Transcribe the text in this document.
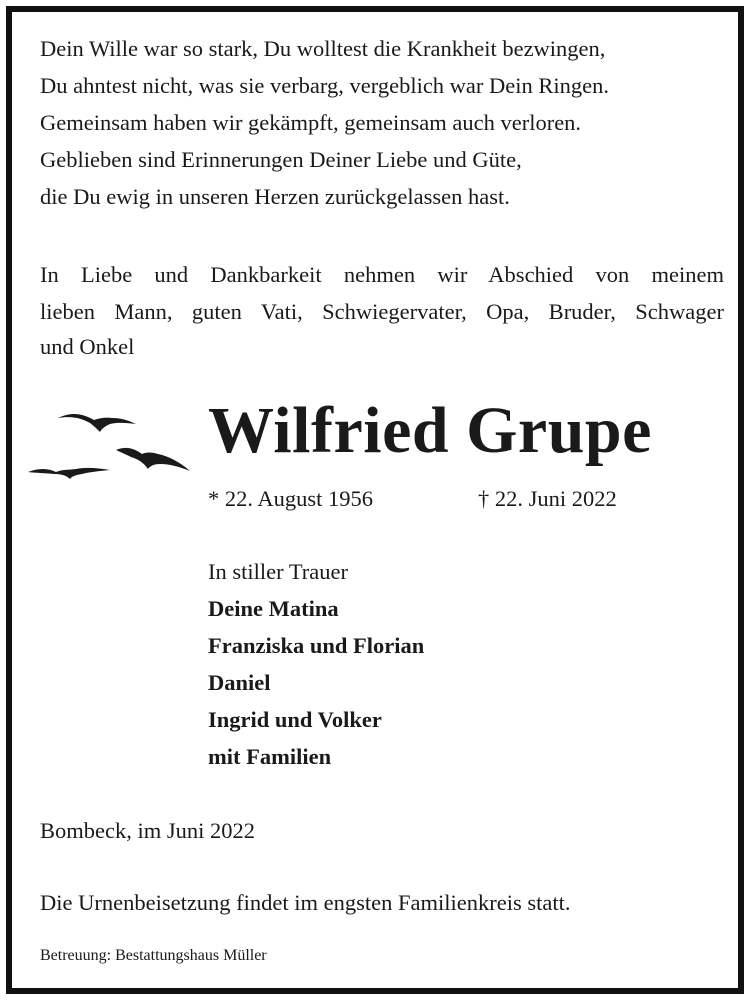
Dein Wille war so stark, Du wolltest die Krankheit bezwingen,
Du ahntest nicht, was sie verbarg, vergeblich war Dein Ringen.
Gemeinsam haben wir gekämpft, gemeinsam auch verloren.
Geblieben sind Erinnerungen Deiner Liebe und Güte,
die Du ewig in unseren Herzen zurückgelassen hast.
In Liebe und Dankbarkeit nehmen wir Abschied von meinem
lieben Mann, guten Vati, Schwiegervater, Opa, Bruder, Schwager
und Onkel
Wilfried Grupe
* 22. August 1956	† 22. Juni 2022
In stiller Trauer
Deine Matina
Franziska und Florian
Daniel
Ingrid und Volker
mit Familien
Bombeck, im Juni 2022
Die Urnenbeisetzung findet im engsten Familienkreis statt.
Betreuung: Bestattungshaus Müller
